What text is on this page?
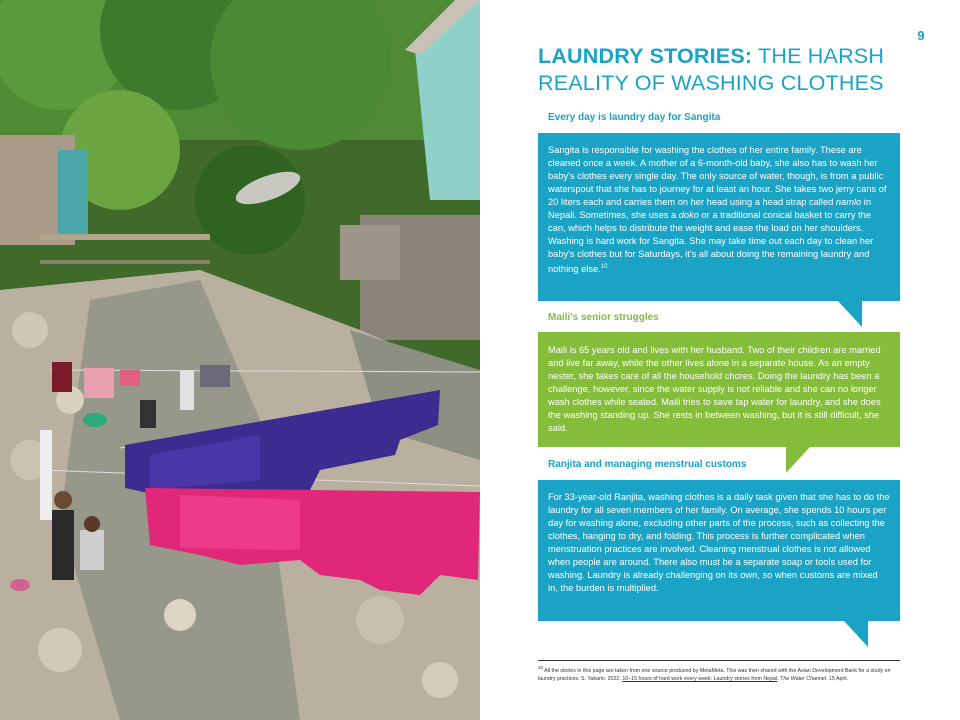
9
LAUNDRY STORIES: THE HARSH REALITY OF WASHING CLOTHES
Every day is laundry day for Sangita

Sangita is responsible for washing the clothes of her entire family. These are cleaned once a week. A mother of a 6-month-old baby, she also has to wash her baby's clothes every single day. The only source of water, though, is from a public waterspout that she has to journey for at least an hour. She takes two jerry cans of 20 liters each and carries them on her head using a head strap called namlo in Nepali. Sometimes, she uses a doko or a traditional conical basket to carry the can, which helps to distribute the weight and ease the load on her shoulders. Washing is hard work for Sangita. She may take time out each day to clean her baby's clothes but for Saturdays, it's all about doing the remaining laundry and nothing else.$^{10}$

Maili's senior struggles

Maili is 65 years old and lives with her husband. Two of their children are married and live far away, while the other lives alone in a separate house. As an empty nester, she takes care of all the household chores. Doing the laundry has been a challenge, however, since the water supply is not reliable and she can no longer wash clothes while seated. Maili tries to save tap water for laundry, and she does the washing standing up. She rests in between washing, but it is still difficult, she said.

Ranjita and managing menstrual customs

For 33-year-old Ranjita, washing clothes is a daily task given that she has to do the laundry for all seven members of her family. On average, she spends 10 hours per day for washing alone, excluding other parts of the process, such as collecting the clothes, hanging to dry, and folding. This process is further complicated when menstruation practices are involved. Cleaning menstrual clothes is not allowed when people are around. There also must be a separate soap or tools used for washing. Laundry is already challenging on its own, so when customs are mixed in, the burden is multiplied.

$^{10}$ All the stories in this page are taken from one source produced by MetaMeta. This was then shared with the Asian Development Bank for a study on laundry practices. S. Yakami. 2022. 10–15 hours of hard work every week: Laundry stories from Nepal. The Water Channel. 15 April.
